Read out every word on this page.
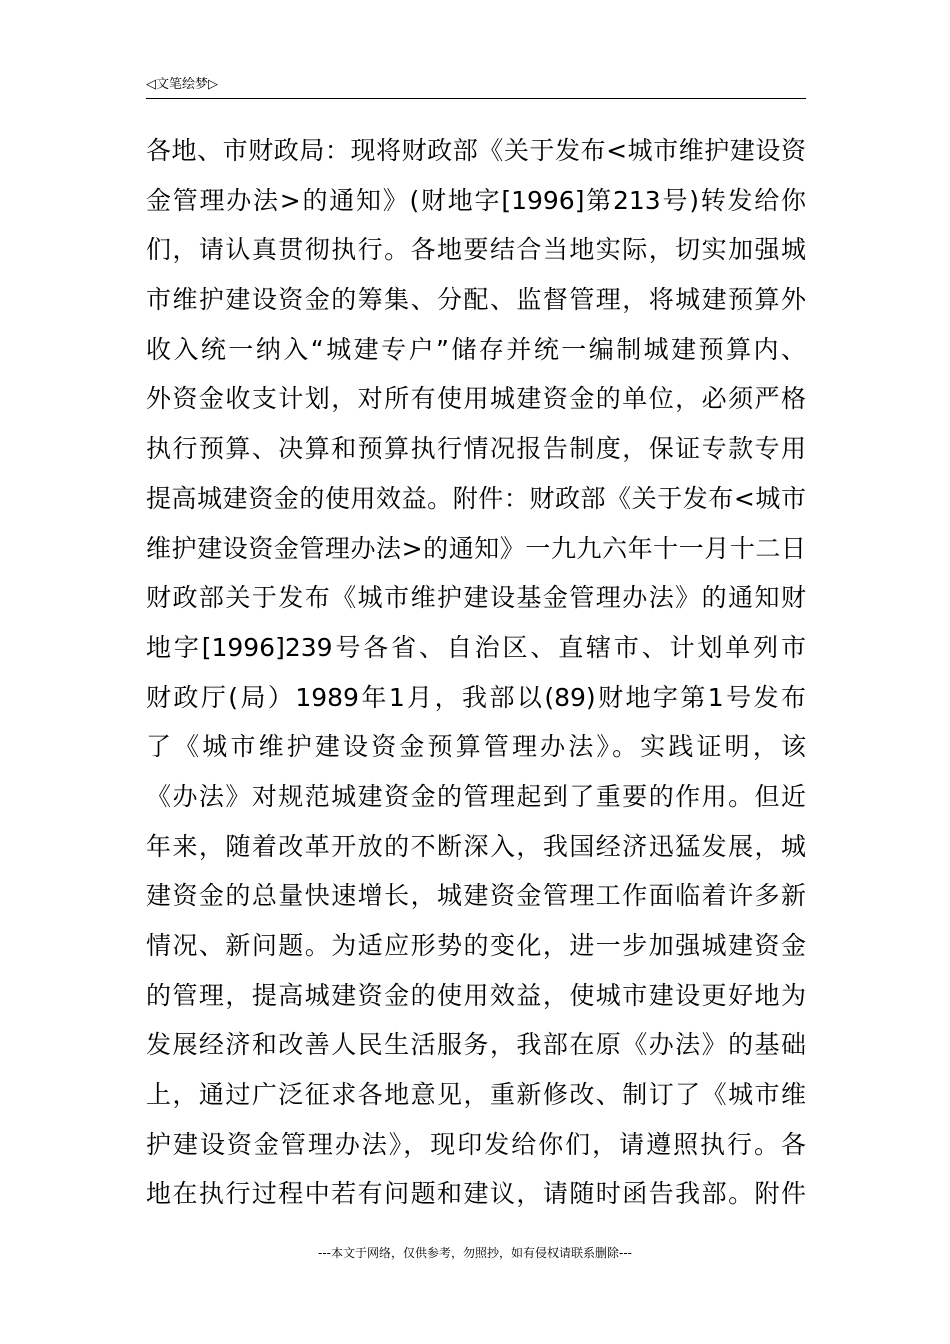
◁文笔绘梦▷
各地、市财政局：现将财政部《关于发布<城市维护建设资
金管理办法>的通知》(财地字[1996]第213号)转发给你
们，请认真贯彻执行。各地要结合当地实际，切实加强城
市维护建设资金的筹集、分配、监督管理，将城建预算外
收入统一纳入“城建专户”储存并统一编制城建预算内、
外资金收支计划，对所有使用城建资金的单位，必须严格
执行预算、决算和预算执行情况报告制度，保证专款专用
提高城建资金的使用效益。附件：财政部《关于发布<城市
维护建设资金管理办法>的通知》一九九六年十一月十二日
财政部关于发布《城市维护建设基金管理办法》的通知财
地字[1996]239号各省、自治区、直辖市、计划单列市
财政厅(局）1989年1月，我部以(89)财地字第1号发布
了《城市维护建设资金预算管理办法》。实践证明，该
《办法》对规范城建资金的管理起到了重要的作用。但近
年来，随着改革开放的不断深入，我国经济迅猛发展，城
建资金的总量快速增长，城建资金管理工作面临着许多新
情况、新问题。为适应形势的变化，进一步加强城建资金
的管理，提高城建资金的使用效益，使城市建设更好地为
发展经济和改善人民生活服务，我部在原《办法》的基础
上，通过广泛征求各地意见，重新修改、制订了《城市维
护建设资金管理办法》，现印发给你们，请遵照执行。各
地在执行过程中若有问题和建议，请随时函告我部。附件
---本文于网络，仅供参考，勿照抄，如有侵权请联系删除---
